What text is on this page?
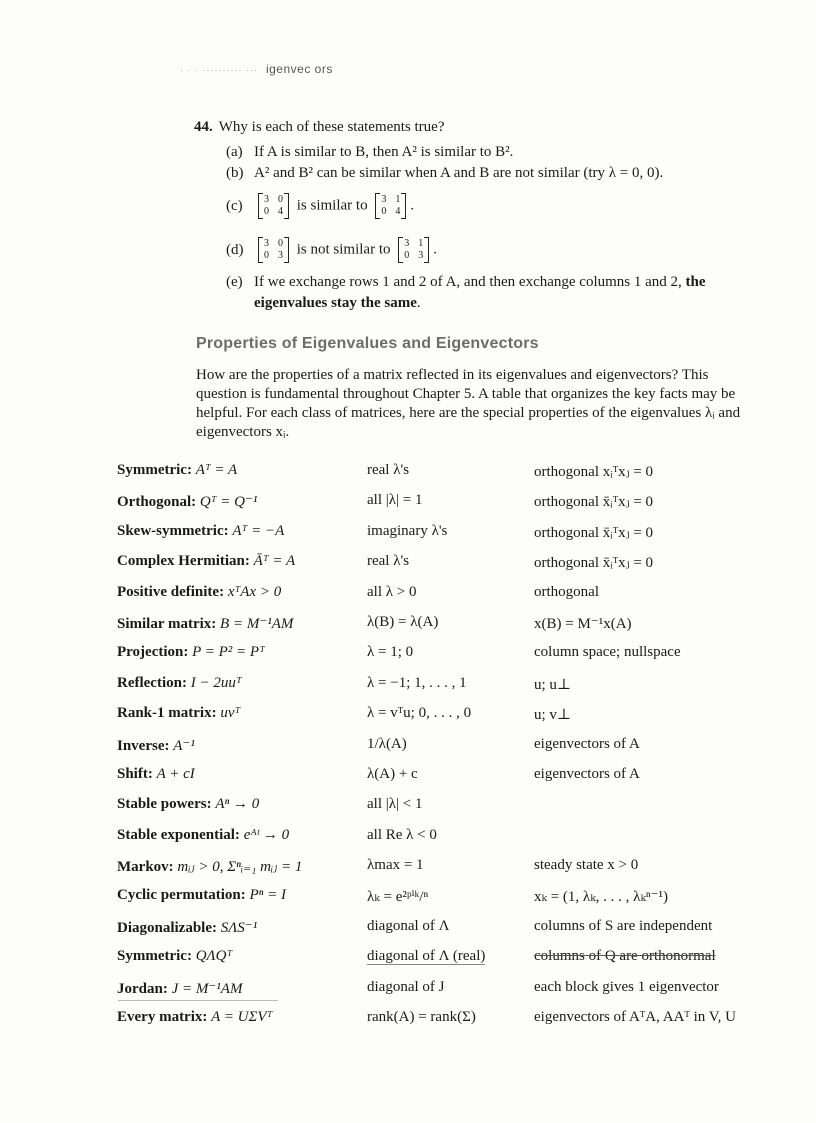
· · · ·········· ··· igenvec ors
44. Why is each of these statements true?
(a) If A is similar to B, then A² is similar to B².
(b) A² and B² can be similar when A and B are not similar (try λ = 0, 0).
(c)	3 0
0 4 is similar to 3 1
0 4 .
(d)	3 0
0 3 is not similar to 3 1
0 3 .
(e) If we exchange rows 1 and 2 of A, and then exchange columns 1 and 2, the eigenvalues stay the same.
Properties of Eigenvalues and Eigenvectors
How are the properties of a matrix reflected in its eigenvalues and eigenvectors? This question is fundamental throughout Chapter 5. A table that organizes the key facts may be helpful. For each class of matrices, here are the special properties of the eigenvalues λᵢ and eigenvectors xᵢ.
Symmetric: Aᵀ = A	real λ's	orthogonal xᵢᵀxⱼ = 0
Orthogonal: Qᵀ = Q⁻¹	all |λ| = 1	orthogonal x̄ᵢᵀxⱼ = 0
Skew-symmetric: Aᵀ = −A	imaginary λ's	orthogonal x̄ᵢᵀxⱼ = 0
Complex Hermitian: Āᵀ = A	real λ's	orthogonal x̄ᵢᵀxⱼ = 0
Positive definite: xᵀAx > 0	all λ > 0	orthogonal
Similar matrix: B = M⁻¹AM	λ(B) = λ(A)	x(B) = M⁻¹x(A)
Projection: P = P² = Pᵀ	λ = 1; 0	column space; nullspace
Reflection: I − 2uuᵀ	λ = −1; 1, . . . , 1	u; u⊥
Rank-1 matrix: uvᵀ	λ = vᵀu; 0, . . . , 0	u; v⊥
Inverse: A⁻¹	1/λ(A)	eigenvectors of A
Shift: A + cI	λ(A) + c	eigenvectors of A
Stable powers: Aⁿ → 0	all |λ| < 1
Stable exponential: eᴬᵗ → 0	all Re λ < 0
Markov: mᵢⱼ > 0, Σⁿᵢ₌₁ mᵢⱼ = 1	λmax = 1	steady state x > 0
Cyclic permutation: Pⁿ = I	λₖ = e²ᵖⁱᵏ/ⁿ	xₖ = (1, λₖ, . . . , λₖⁿ⁻¹)
Diagonalizable: SΛS⁻¹	diagonal of Λ	columns of S are independent
Symmetric: QΛQᵀ	diagonal of Λ (real)	columns of Q are orthonormal
Jordan: J = M⁻¹AM	diagonal of J	each block gives 1 eigenvector
Every matrix: A = UΣVᵀ	rank(A) = rank(Σ)	eigenvectors of AᵀA, AAᵀ in V, U
